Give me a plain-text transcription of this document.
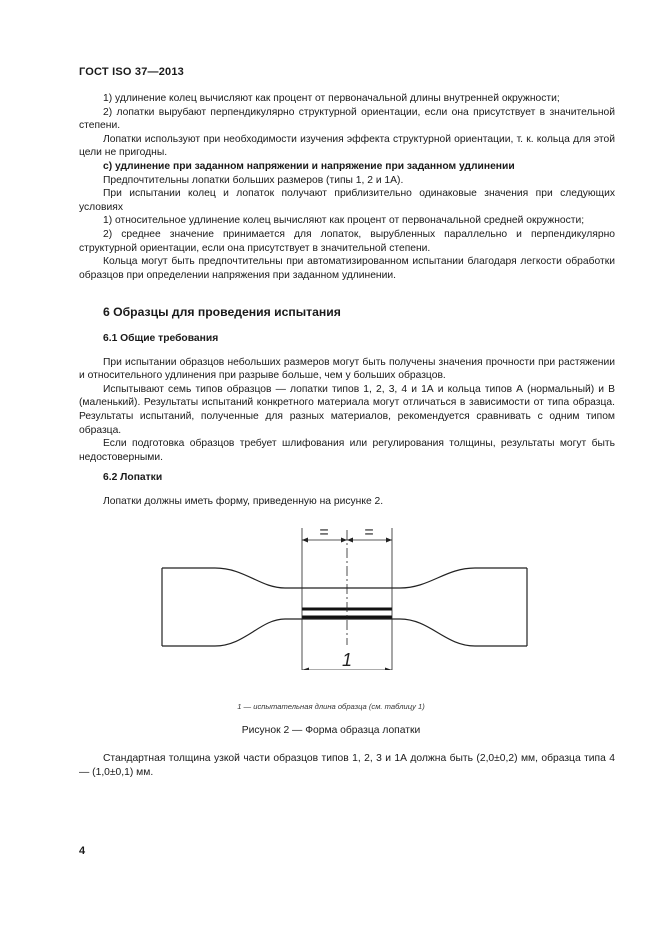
ГОСТ ISO 37—2013

1) удлинение колец вычисляют как процент от первоначальной длины внутренней окружности;

2) лопатки вырубают перпендикулярно структурной ориентации, если она присутствует в значительной степени.

Лопатки используют при необходимости изучения эффекта структурной ориентации, т. к. кольца для этой цели не пригодны.

c) удлинение при заданном напряжении и напряжение при заданном удлинении

Предпочтительны лопатки больших размеров (типы 1, 2 и 1А).

При испытании колец и лопаток получают приблизительно одинаковые значения при следующих условиях

1) относительное удлинение колец вычисляют как процент от первоначальной средней окружности;

2) среднее значение принимается для лопаток, вырубленных параллельно и перпендикулярно структурной ориентации, если она присутствует в значительной степени.

Кольца могут быть предпочтительны при автоматизированном испытании благодаря легкости обработки образцов при определении напряжения при заданном удлинении.

6 Образцы для проведения испытания

6.1 Общие требования

При испытании образцов небольших размеров могут быть получены значения прочности при растяжении и относительного удлинения при разрыве больше, чем у больших образцов.

Испытывают семь типов образцов — лопатки типов 1, 2, 3, 4 и 1А и кольца типов А (нормальный) и В (маленький). Результаты испытаний конкретного материала могут отличаться в зависимости от типа образца. Результаты испытаний, полученные для разных материалов, рекомендуется сравнивать с одним типом образца.

Если подготовка образцов требует шлифования или регулирования толщины, результаты могут быть недостоверными.

6.2 Лопатки

Лопатки должны иметь форму, приведенную на рисунке 2.

= =
1
1 — испытательная длина образца (см. таблицу 1)
Рисунок 2 — Форма образца лопатки

Стандартная толщина узкой части образцов типов 1, 2, 3 и 1А должна быть (2,0±0,2) мм, образца типа 4 — (1,0±0,1) мм.

4
